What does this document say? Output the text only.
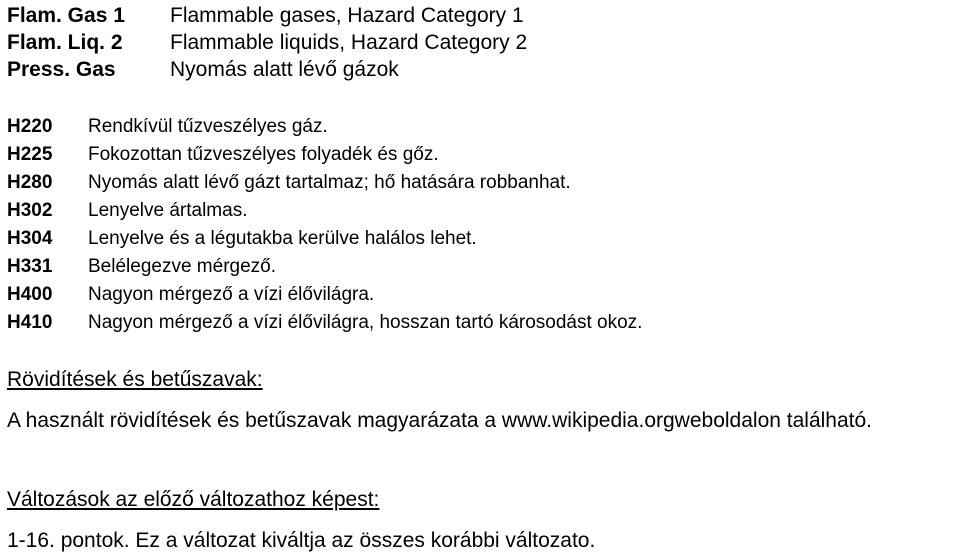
Flam. Gas 1	Flammable gases, Hazard Category 1
Flam. Liq. 2	Flammable liquids, Hazard Category 2
Press. Gas	Nyomás alatt lévő gázok
H220	Rendkívül tűzveszélyes gáz.
H225	Fokozottan tűzveszélyes folyadék és gőz.
H280	Nyomás alatt lévő gázt tartalmaz; hő hatására robbanhat.
H302	Lenyelve ártalmas.
H304	Lenyelve és a légutakba kerülve halálos lehet.
H331	Belélegezve mérgező.
H400	Nagyon mérgező a vízi élővilágra.
H410	Nagyon mérgező a vízi élővilágra, hosszan tartó károsodást okoz.
Rövidítések és betűszavak:
A használt rövidítések és betűszavak magyarázata a www.wikipedia.orgweboldalon található.
Változások az előző változathoz képest:
1-16. pontok. Ez a változat kiváltja az összes korábbi változato.
